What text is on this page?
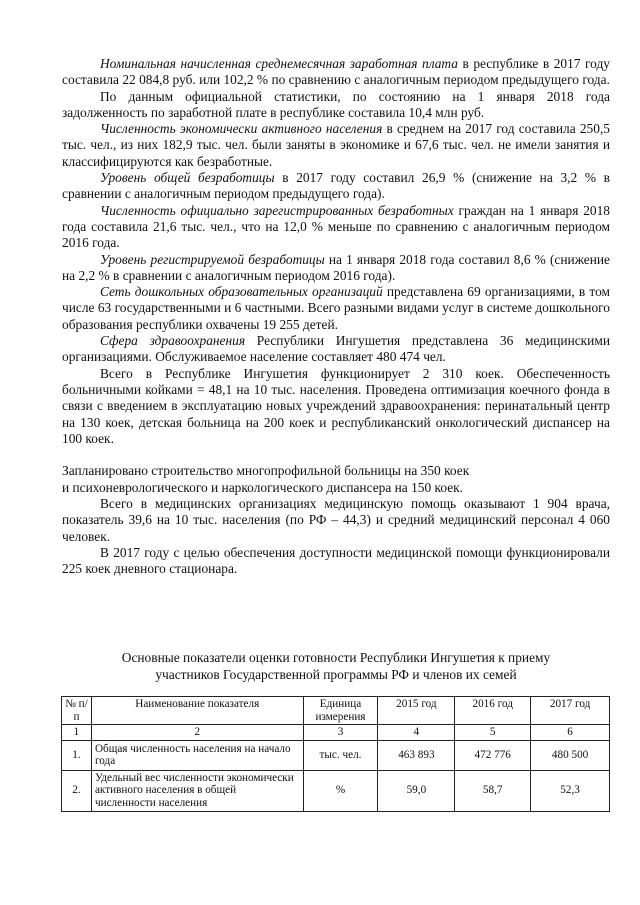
Номинальная начисленная среднемесячная заработная плата в республике в 2017 году составила 22 084,8 руб. или 102,2 % по сравнению с аналогичным периодом предыдущего года.

По данным официальной статистики, по состоянию на 1 января 2018 года задолженность по заработной плате в республике составила 10,4 млн руб.

Численность экономически активного населения в среднем на 2017 год составила 250,5 тыс. чел., из них 182,9 тыс. чел. были заняты в экономике и 67,6 тыс. чел. не имели занятия и классифицируются как безработные.

Уровень общей безработицы в 2017 году составил 26,9 % (снижение на 3,2 % в сравнении с аналогичным периодом предыдущего года).

Численность официально зарегистрированных безработных граждан на 1 января 2018 года составила 21,6 тыс. чел., что на 12,0 % меньше по сравнению с аналогичным периодом 2016 года.

Уровень регистрируемой безработицы на 1 января 2018 года составил 8,6 % (снижение на 2,2 % в сравнении с аналогичным периодом 2016 года).

Сеть дошкольных образовательных организаций представлена 69 организациями, в том числе 63 государственными и 6 частными. Всего разными видами услуг в системе дошкольного образования республики охвачены 19 255 детей.

Сфера здравоохранения Республики Ингушетия представлена 36 медицинскими организациями. Обслуживаемое население составляет 480 474 чел.

Всего в Республике Ингушетия функционирует 2 310 коек. Обеспеченность больничными койками = 48,1 на 10 тыс. населения. Проведена оптимизация коечного фонда в связи с введением в эксплуатацию новых учреждений здравоохранения: перинатальный центр на 130 коек, детская больница на 200 коек и республиканский онкологический диспансер на 100 коек.

Запланировано строительство многопрофильной больницы на 350 коек
и психоневрологического и наркологического диспансера на 150 коек.

Всего в медицинских организациях медицинскую помощь оказывают 1 904 врача, показатель 39,6 на 10 тыс. населения (по РФ – 44,3) и средний медицинский персонал 4 060 человек.

В 2017 году с целью обеспечения доступности медицинской помощи функционировали 225 коек дневного стационара.

Основные показатели оценки готовности Республики Ингушетия к приему
участников Государственной программы РФ и членов их семей

№ п/п	Наименование показателя	Единица измерения	2015 год	2016 год	2017 год
1	2	3	4	5	6
1.	Общая численность населения на начало года	тыс. чел.	463 893	472 776	480 500
2.	Удельный вес численности экономически активного населения в общей численности населения	%	59,0	58,7	52,3
